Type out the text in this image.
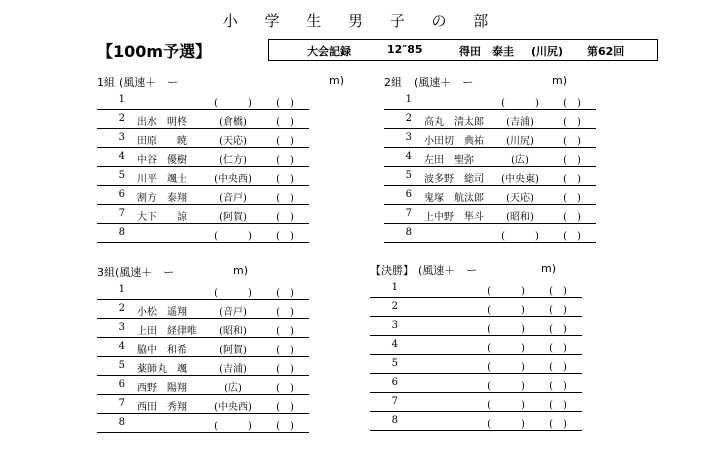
小 学 生 男 子 の 部
【100m予選】	大会記録	12″85	得田　泰圭 (川尻) 第62回
1組 (風速＋　ー	m)
1	(　　　)	(　)
2 出水　明柊	(倉橋)	(　)
3 田原　　暁	(天応)	(　)
4 中谷　優樹	(仁方)	(　)
5 川平　颯士	(中央西)	(　)
6 割方　泰翔	(音戸)	(　)
7 大下　　諒	(阿賀)	(　)
8	(　　　)	(　)
2組 (風速＋　ー	m)
1	(　　　)	(　)
2 高丸　清太郎	(吉浦)	(　)
3 小田切　典祐	(川尻)	(　)
4 左田　聖弥	(広)	(　)
5 波多野　総司	(中央東)	(　)
6 鬼塚　航汰郎	(天応)	(　)
7 上中野　隼斗	(昭和)	(　)
8	(　　　)	(　)
3組 (風速＋　ー	m)
1	(　　　)	(　)
2 小松　遥翔	(音戸)	(　)
3 上田　経律唯	(昭和)	(　)
4 脇中　和希	(阿賀)	(　)
5 薬師丸　颯	(吉浦)	(　)
6 西野　陽翔	(広)	(　)
7 西田　秀翔	(中央西)	(　)
8	(　　　)	(　)
【決勝】 (風速＋　ー	m)
1	(　　　)	(　)
2	(　　　)	(　)
3	(　　　)	(　)
4	(　　　)	(　)
5	(　　　)	(　)
6	(　　　)	(　)
7	(　　　)	(　)
8	(　　　)	(　)
